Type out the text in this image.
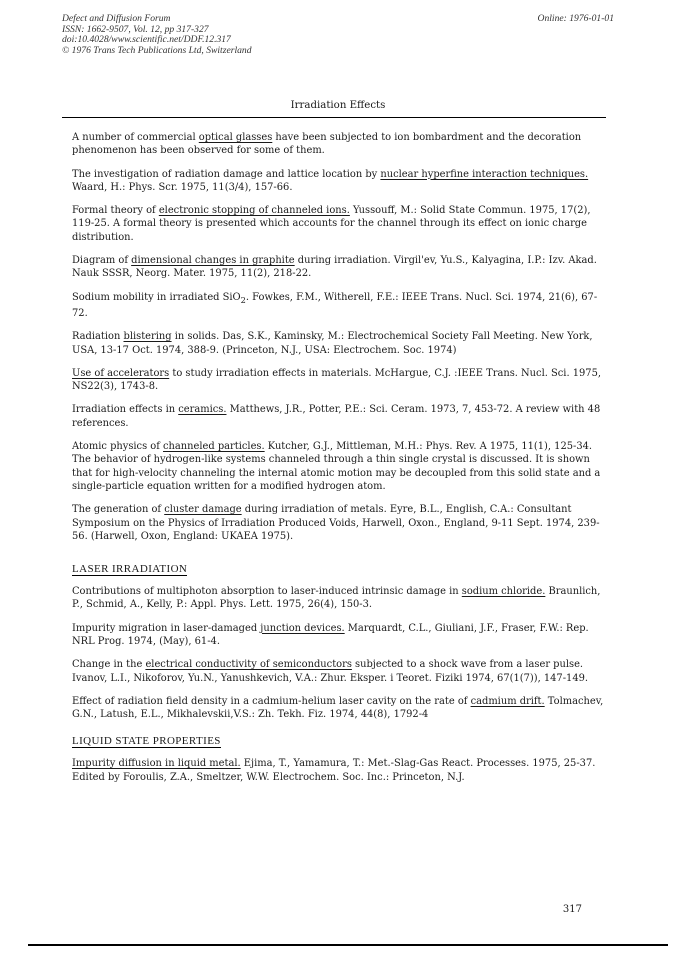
Defect and Diffusion Forum
ISSN: 1662-9507, Vol. 12, pp 317-327
doi:10.4028/www.scientific.net/DDF.12.317
© 1976 Trans Tech Publications Ltd, Switzerland
Online: 1976-01-01
Irradiation Effects
A number of commercial optical glasses have been subjected to ion bombardment and the decoration phenomenon has been observed for some of them.
The investigation of radiation damage and lattice location by nuclear hyperfine interaction techniques. Waard, H.: Phys. Scr. 1975, 11(3/4), 157-66.
Formal theory of electronic stopping of channeled ions. Yussouff, M.: Solid State Commun. 1975, 17(2), 119-25. A formal theory is presented which accounts for the channel through its effect on ionic charge distribution.
Diagram of dimensional changes in graphite during irradiation. Virgil'ev, Yu.S., Kalyagina, I.P.: Izv. Akad. Nauk SSSR, Neorg. Mater. 1975, 11(2), 218-22.
Sodium mobility in irradiated SiO$_2$. Fowkes, F.M., Witherell, F.E.: IEEE Trans. Nucl. Sci. 1974, 21(6), 67-72.
Radiation blistering in solids. Das, S.K., Kaminsky, M.: Electrochemical Society Fall Meeting. New York, USA, 13-17 Oct. 1974, 388-9. (Princeton, N.J., USA: Electrochem. Soc. 1974)
Use of accelerators to study irradiation effects in materials. McHargue, C.J. :IEEE Trans. Nucl. Sci. 1975, NS22(3), 1743-8.
Irradiation effects in ceramics. Matthews, J.R., Potter, P.E.: Sci. Ceram. 1973, 7, 453-72. A review with 48 references.
Atomic physics of channeled particles. Kutcher, G.J., Mittleman, M.H.: Phys. Rev. A 1975, 11(1), 125-34. The behavior of hydrogen-like systems channeled through a thin single crystal is discussed. It is shown that for high-velocity channeling the internal atomic motion may be decoupled from this solid state and a single-particle equation written for a modified hydrogen atom.
The generation of cluster damage during irradiation of metals. Eyre, B.L., English, C.A.: Consultant Symposium on the Physics of Irradiation Produced Voids, Harwell, Oxon., England, 9-11 Sept. 1974, 239-56. (Harwell, Oxon, England: UKAEA 1975).
LASER IRRADIATION
Contributions of multiphoton absorption to laser-induced intrinsic damage in sodium chloride. Braunlich, P., Schmid, A., Kelly, P.: Appl. Phys. Lett. 1975, 26(4), 150-3.
Impurity migration in laser-damaged junction devices. Marquardt, C.L., Giuliani, J.F., Fraser, F.W.: Rep. NRL Prog. 1974, (May), 61-4.
Change in the electrical conductivity of semiconductors subjected to a shock wave from a laser pulse. Ivanov, L.I., Nikoforov, Yu.N., Yanushkevich, V.A.: Zhur. Eksper. i Teoret. Fiziki 1974, 67(1(7)), 147-149.
Effect of radiation field density in a cadmium-helium laser cavity on the rate of cadmium drift. Tolmachev, G.N., Latush, E.L., Mikhalevskii,V.S.: Zh. Tekh. Fiz. 1974, 44(8), 1792-4
LIQUID STATE PROPERTIES
Impurity diffusion in liquid metal. Ejima, T., Yamamura, T.: Met.-Slag-Gas React. Processes. 1975, 25-37. Edited by Foroulis, Z.A., Smeltzer, W.W. Electrochem. Soc. Inc.: Princeton, N.J.
317
